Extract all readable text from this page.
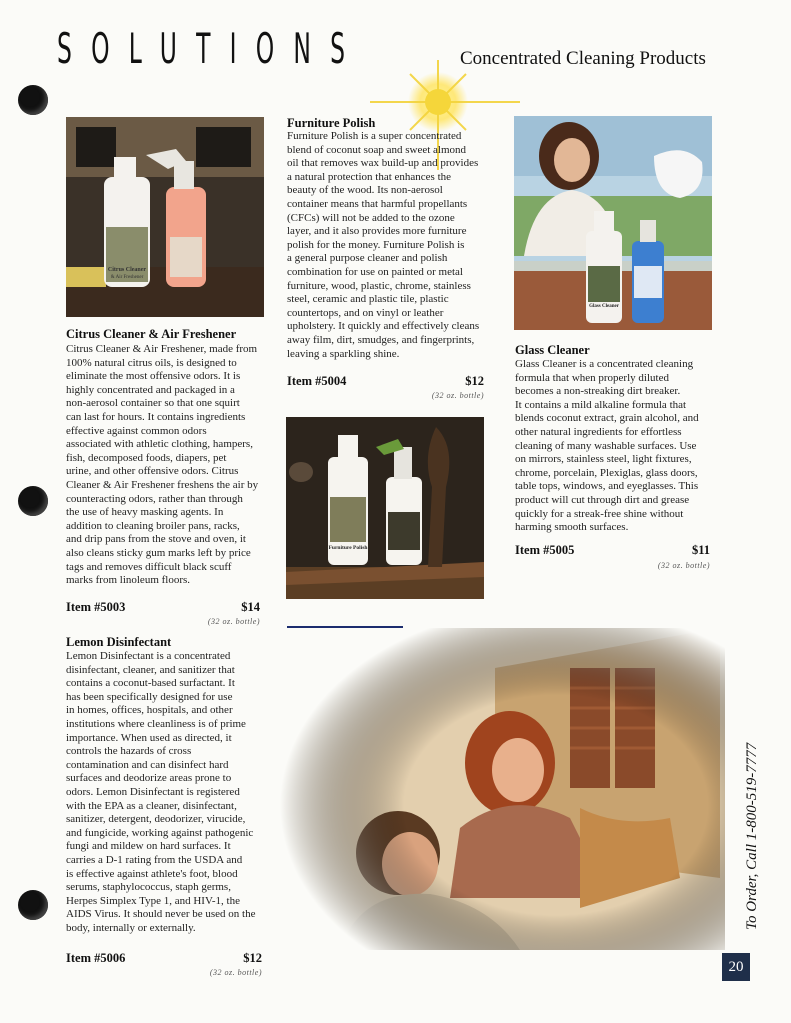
SOLUTIONS	Concentrated Cleaning Products
Citrus Cleaner
& Air Freshener
Citrus Cleaner & Air Freshener
Citrus Cleaner & Air Freshener, made from
100% natural citrus oils, is designed to
eliminate the most offensive odors. It is
highly concentrated and packaged in a
non-aerosol container so that one squirt
can last for hours. It contains ingredients
effective against common odors
associated with athletic clothing, hampers,
fish, decomposed foods, diapers, pet
urine, and other offensive odors. Citrus
Cleaner & Air Freshener freshens the air by
counteracting odors, rather than through
the use of heavy masking agents. In
addition to cleaning broiler pans, racks,
and drip pans from the stove and oven, it
also cleans sticky gum marks left by price
tags and removes difficult black scuff
marks from linoleum floors.
Item #5003	$14
(32 oz. bottle)
Lemon Disinfectant
Lemon Disinfectant is a concentrated
disinfectant, cleaner, and sanitizer that
contains a coconut-based surfactant. It
has been specifically designed for use
in homes, offices, hospitals, and other
institutions where cleanliness is of prime
importance. When used as directed, it
controls the hazards of cross
contamination and can disinfect hard
surfaces and deodorize areas prone to
odors. Lemon Disinfectant is registered
with the EPA as a cleaner, disinfectant,
sanitizer, detergent, deodorizer, virucide,
and fungicide, working against pathogenic
fungi and mildew on hard surfaces. It
carries a D-1 rating from the USDA and
is effective against athlete's foot, blood
serums, staphylococcus, staph germs,
Herpes Simplex Type 1, and HIV-1, the
AIDS Virus. It should never be used on the
body, internally or externally.
Item #5006	$12
(32 oz. bottle)
Furniture Polish
Furniture Polish is a super concentrated
blend of coconut soap and sweet almond
oil that removes wax build-up and provides
a natural protection that enhances the
beauty of the wood. Its non-aerosol
container means that harmful propellants
(CFCs) will not be added to the ozone
layer, and it also provides more furniture
polish for the money. Furniture Polish is
a general purpose cleaner and polish
combination for use on painted or metal
furniture, wood, plastic, chrome, stainless
steel, ceramic and plastic tile, plastic
countertops, and on vinyl or leather
upholstery. It quickly and effectively cleans
away film, dirt, smudges, and fingerprints,
leaving a sparkling shine.
Item #5004	$12
(32 oz. bottle)
Furniture Polish
Glass Cleaner
Glass Cleaner
Glass Cleaner is a concentrated cleaning
formula that when properly diluted
becomes a non-streaking dirt breaker.
It contains a mild alkaline formula that
blends coconut extract, grain alcohol, and
other natural ingredients for effortless
cleaning of many washable surfaces. Use
on mirrors, stainless steel, light fixtures,
chrome, porcelain, Plexiglas, glass doors,
table tops, windows, and eyeglasses. This
product will cut through dirt and grease
quickly for a streak-free shine without
harming smooth surfaces.
Item #5005	$11
(32 oz. bottle)
To Order, Call 1-800-519-7777
20
